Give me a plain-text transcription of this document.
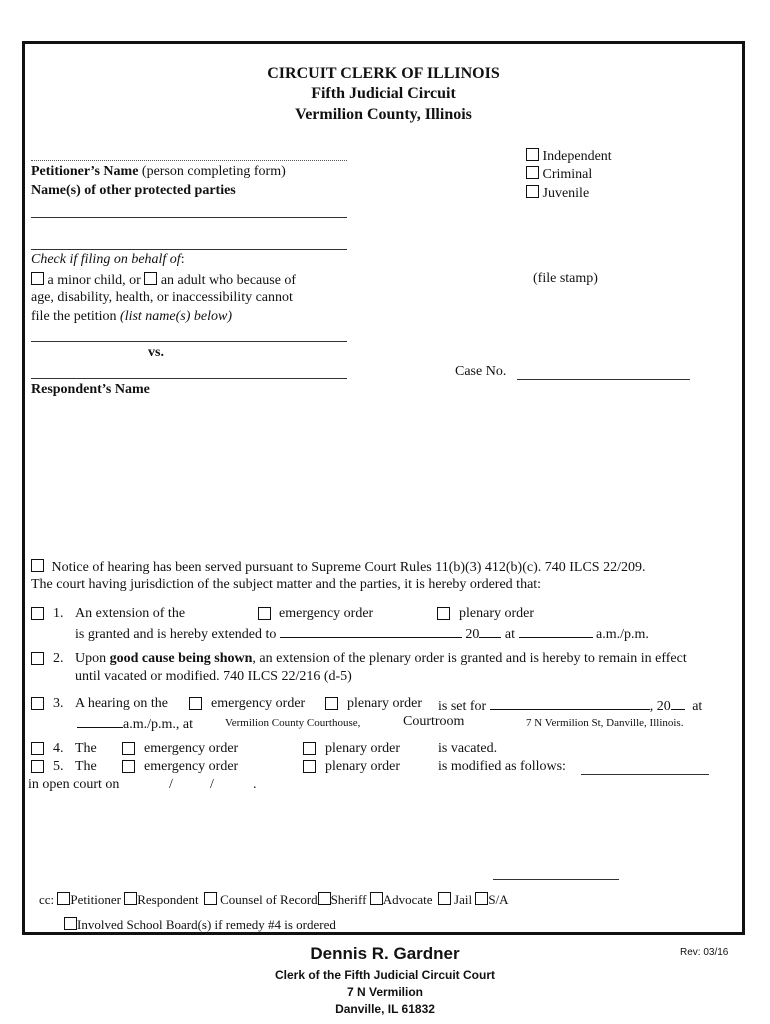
CIRCUIT CLERK OF ILLINOIS
Fifth Judicial Circuit
Vermilion County, Illinois
Petitioner’s Name (person completing form)
Name(s) of other protected parties
Check if filing on behalf of:
a minor child, or an adult who because of
age, disability, health, or inaccessibility cannot
file the petition (list name(s) below)
vs.
Respondent’s Name
Independent
Criminal
Juvenile
(file stamp)
Case No.
Notice of hearing has been served pursuant to Supreme Court Rules 11(b)(3) 412(b)(c). 740 ILCS 22/209.
The court having jurisdiction of the subject matter and the parties, it is hereby ordered that:
1. An extension of the	emergency order	plenary order
is granted and is hereby extended to	20 at	a.m./p.m.
2. Upon good cause being shown, an extension of the plenary order is granted and is hereby to remain in effect
until vacated or modified. 740 ILCS 22/216 (d-5)
3. A hearing on the	emergency order	plenary order is set for	, 20 at
a.m./p.m., at	Vermilion County Courthouse,	Courtroom	7 N Vermilion St, Danville, Illinois.
4. The	emergency order	plenary order	is vacated.
5. The	emergency order	plenary order	is modified as follows:
in open court on	/	/	.
cc: Petitioner Respondent Counsel of Record Sheriff Advocate Jail S/A
Involved School Board(s) if remedy #4 is ordered
Dennis R. Gardner	Rev: 03/16
Clerk of the Fifth Judicial Circuit Court
7 N Vermilion
Danville, IL 61832
